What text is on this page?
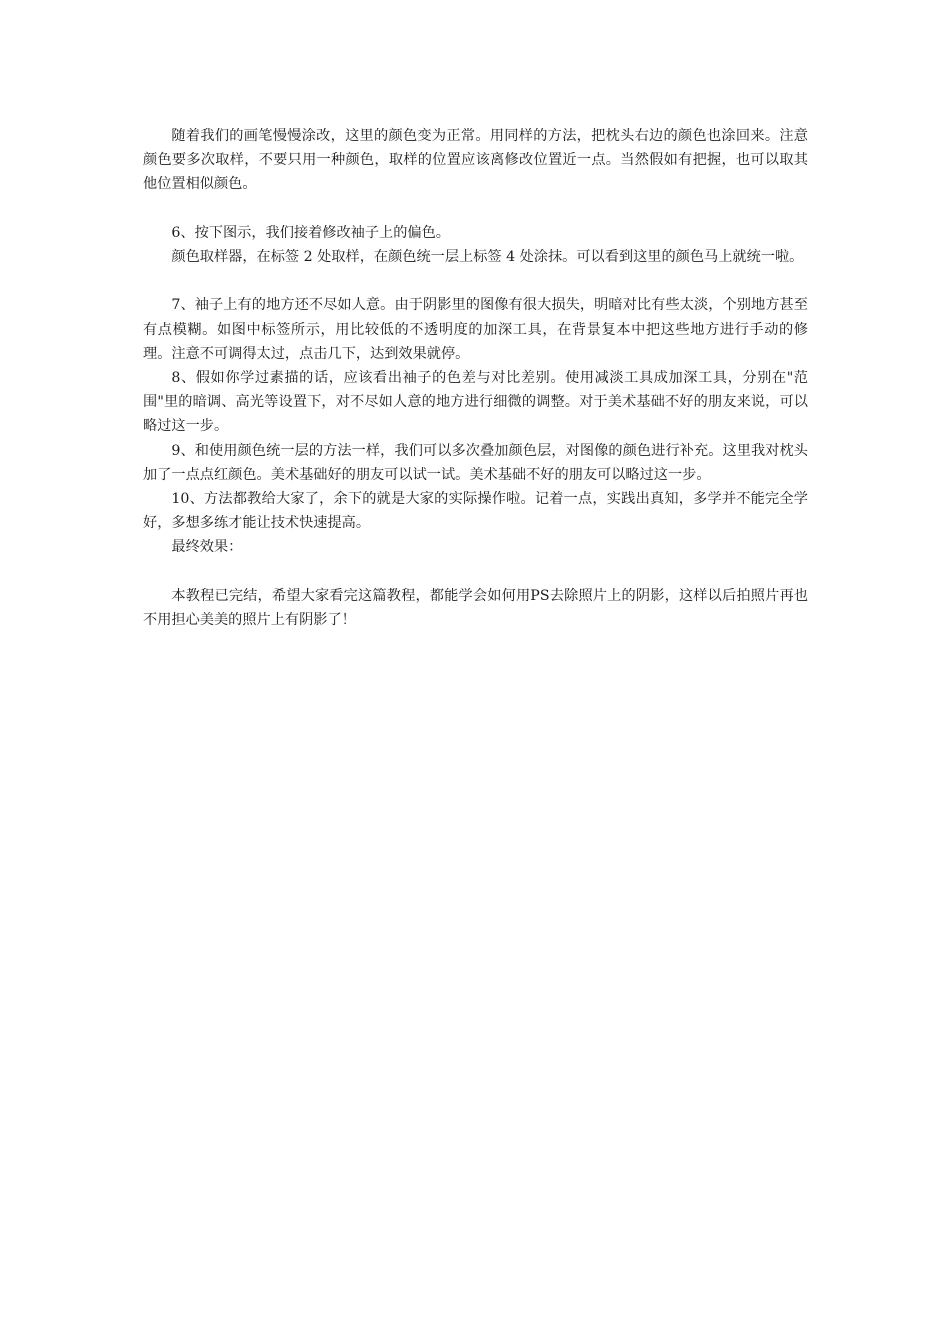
随着我们的画笔慢慢涂改，这里的颜色变为正常。用同样的方法，把枕头右边的颜色也涂回来。注意颜色要多次取样，不要只用一种颜色，取样的位置应该离修改位置近一点。当然假如有把握，也可以取其他位置相似颜色。

6、按下图示，我们接着修改袖子上的偏色。

颜色取样器，在标签 2 处取样，在颜色统一层上标签 4 处涂抹。可以看到这里的颜色马上就统一啦。

7、袖子上有的地方还不尽如人意。由于阴影里的图像有很大损失，明暗对比有些太淡，个别地方甚至有点模糊。如图中标签所示，用比较低的不透明度的加深工具，在背景复本中把这些地方进行手动的修理。注意不可调得太过，点击几下，达到效果就停。

8、假如你学过素描的话，应该看出袖子的色差与对比差别。使用减淡工具成加深工具，分别在"范围"里的暗调、高光等设置下，对不尽如人意的地方进行细微的调整。对于美术基础不好的朋友来说，可以略过这一步。

9、和使用颜色统一层的方法一样，我们可以多次叠加颜色层，对图像的颜色进行补充。这里我对枕头加了一点点红颜色。美术基础好的朋友可以试一试。美术基础不好的朋友可以略过这一步。

10、方法都教给大家了，余下的就是大家的实际操作啦。记着一点，实践出真知，多学并不能完全学好，多想多练才能让技术快速提高。

最终效果：

本教程已完结，希望大家看完这篇教程，都能学会如何用PS去除照片上的阴影，这样以后拍照片再也不用担心美美的照片上有阴影了！
